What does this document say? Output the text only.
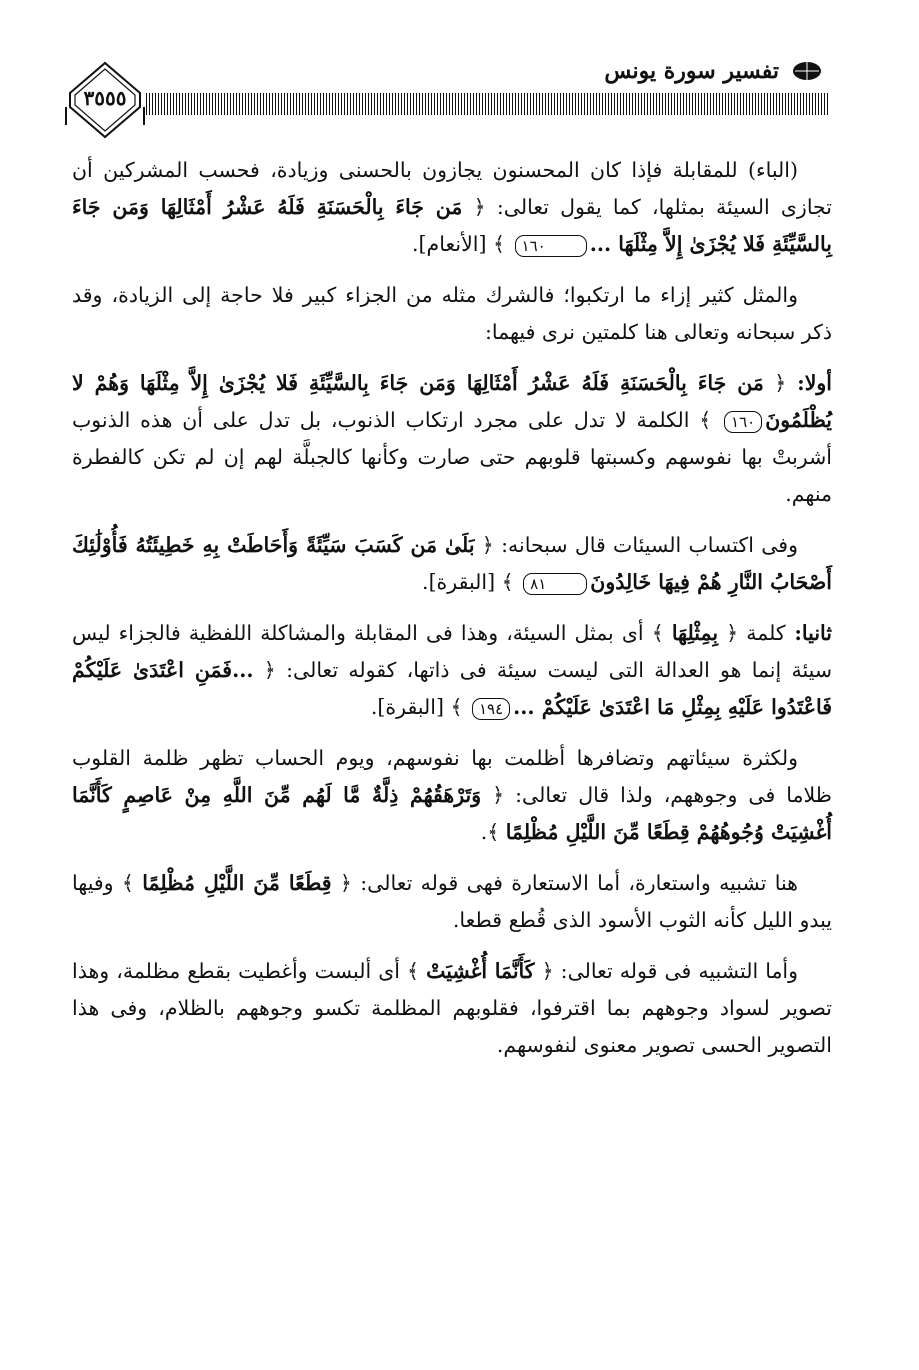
٣٥٥٥
تفسير سورة يونس

(الباء) للمقابلة فإذا كان المحسنون يجازون بالحسنى وزيادة، فحسب المشركين أن تجازى السيئة بمثلها، كما يقول تعالى: ﴿ مَن جَاءَ بِالْحَسَنَةِ فَلَهُ عَشْرُ أَمْثَالِهَا وَمَن جَاءَ بِالسَّيِّئَةِ فَلا يُجْزَىٰ إِلاَّ مِثْلَهَا ...١٦٠ ﴾ [الأنعام].

والمثل كثير إزاء ما ارتكبوا؛ فالشرك مثله من الجزاء كبير فلا حاجة إلى الزيادة، وقد ذكر سبحانه وتعالى هنا كلمتين نرى فيهما:

أولا: ﴿ مَن جَاءَ بِالْحَسَنَةِ فَلَهُ عَشْرُ أَمْثَالِهَا وَمَن جَاءَ بِالسَّيِّئَةِ فَلا يُجْزَىٰ إِلاَّ مِثْلَهَا وَهُمْ لا يُظْلَمُونَ١٦٠ ﴾ الكلمة لا تدل على مجرد ارتكاب الذنوب، بل تدل على أن هذه الذنوب أشربتْ بها نفوسهم وكسبتها قلوبهم حتى صارت وكأنها كالجبلَّة لهم إن لم تكن كالفطرة منهم.

وفى اكتساب السيئات قال سبحانه: ﴿ بَلَىٰ مَن كَسَبَ سَيِّئَةً وَأَحَاطَتْ بِهِ خَطِيئَتُهُ فَأُوْلَٰئِكَ أَصْحَابُ النَّارِ هُمْ فِيهَا خَالِدُونَ٨١ ﴾ [البقرة].

ثانيا: كلمة ﴿ بِمِثْلِهَا ﴾ أى بمثل السيئة، وهذا فى المقابلة والمشاكلة اللفظية فالجزاء ليس سيئة إنما هو العدالة التى ليست سيئة فى ذاتها، كقوله تعالى: ﴿ ...فَمَنِ اعْتَدَىٰ عَلَيْكُمْ فَاعْتَدُوا عَلَيْهِ بِمِثْلِ مَا اعْتَدَىٰ عَلَيْكُمْ ...١٩٤ ﴾ [البقرة].

ولكثرة سيئاتهم وتضافرها أظلمت بها نفوسهم، ويوم الحساب تظهر ظلمة القلوب ظلاما فى وجوههم، ولذا قال تعالى: ﴿ وَتَرْهَقُهُمْ ذِلَّةٌ مَّا لَهُم مِّنَ اللَّهِ مِنْ عَاصِمٍ كَأَنَّمَا أُغْشِيَتْ وُجُوهُهُمْ قِطَعًا مِّنَ اللَّيْلِ مُظْلِمًا ﴾.

هنا تشبيه واستعارة، أما الاستعارة فهى قوله تعالى: ﴿ قِطَعًا مِّنَ اللَّيْلِ مُظْلِمًا ﴾ وفيها يبدو الليل كأنه الثوب الأسود الذى قُطع قطعا.

وأما التشبيه فى قوله تعالى: ﴿ كَأَنَّمَا أُغْشِيَتْ ﴾ أى ألبست وأغطيت بقطع مظلمة، وهذا تصوير لسواد وجوههم بما اقترفوا، فقلوبهم المظلمة تكسو وجوههم بالظلام، وفى هذا التصوير الحسى تصوير معنوى لنفوسهم.
